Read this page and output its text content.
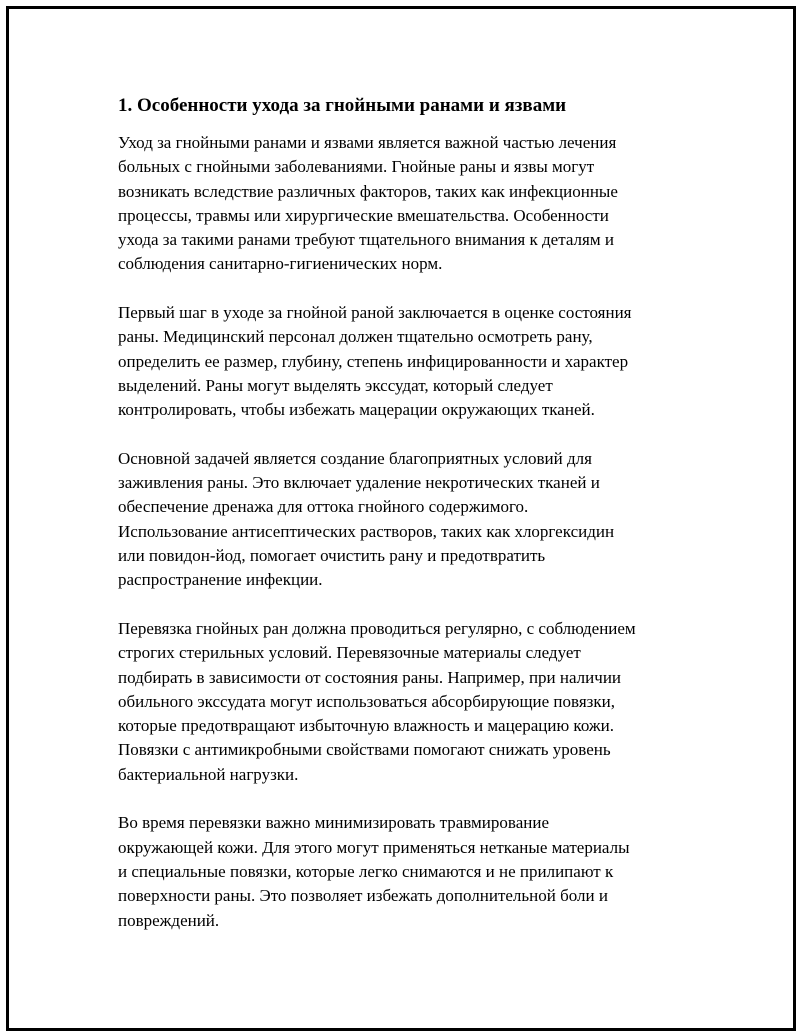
1. Особенности ухода за гнойными ранами и язвами
Уход за гнойными ранами и язвами является важной частью лечения
больных с гнойными заболеваниями. Гнойные раны и язвы могут
возникать вследствие различных факторов, таких как инфекционные
процессы, травмы или хирургические вмешательства. Особенности
ухода за такими ранами требуют тщательного внимания к деталям и
соблюдения санитарно-гигиенических норм.
Первый шаг в уходе за гнойной раной заключается в оценке состояния
раны. Медицинский персонал должен тщательно осмотреть рану,
определить ее размер, глубину, степень инфицированности и характер
выделений. Раны могут выделять экссудат, который следует
контролировать, чтобы избежать мацерации окружающих тканей.
Основной задачей является создание благоприятных условий для
заживления раны. Это включает удаление некротических тканей и
обеспечение дренажа для оттока гнойного содержимого.
Использование антисептических растворов, таких как хлоргексидин
или повидон-йод, помогает очистить рану и предотвратить
распространение инфекции.
Перевязка гнойных ран должна проводиться регулярно, с соблюдением
строгих стерильных условий. Перевязочные материалы следует
подбирать в зависимости от состояния раны. Например, при наличии
обильного экссудата могут использоваться абсорбирующие повязки,
которые предотвращают избыточную влажность и мацерацию кожи.
Повязки с антимикробными свойствами помогают снижать уровень
бактериальной нагрузки.
Во время перевязки важно минимизировать травмирование
окружающей кожи. Для этого могут применяться нетканые материалы
и специальные повязки, которые легко снимаются и не прилипают к
поверхности раны. Это позволяет избежать дополнительной боли и
повреждений.
